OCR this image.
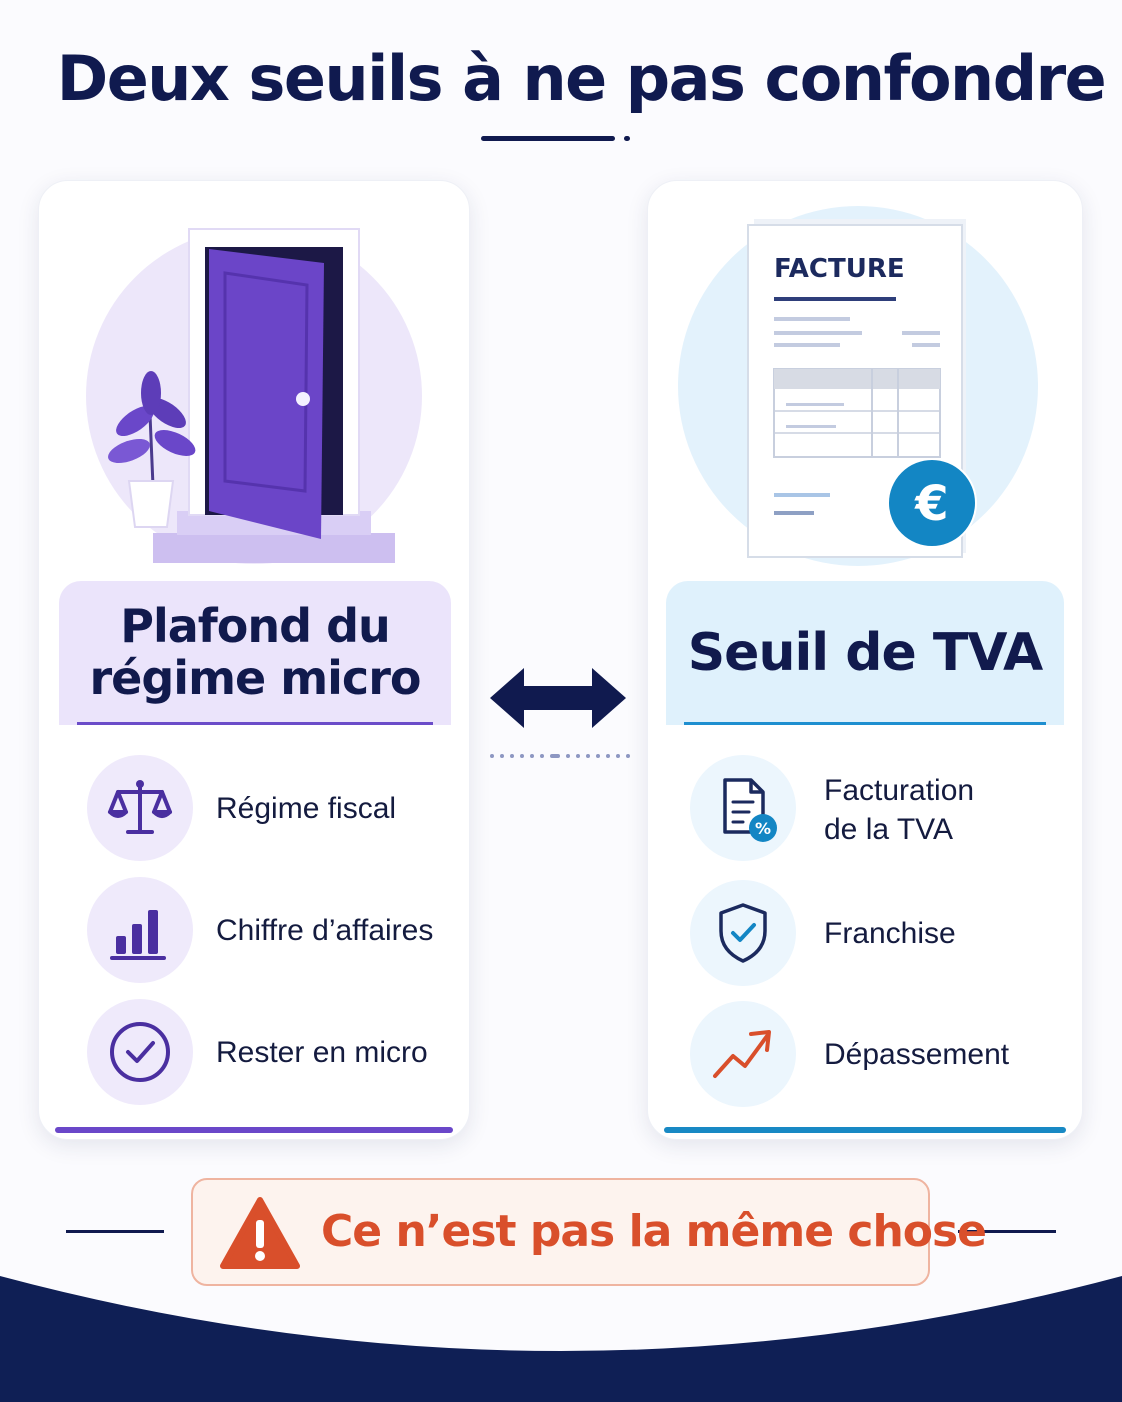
Deux seuils à ne pas confondre
Plafond du
régime micro
Régime fiscal
Chiffre d’affaires
Rester en micro
FACTURE
€
Seuil de TVA
%
Facturation
de la TVA
Franchise
Dépassement
Ce n’est pas la même chose
